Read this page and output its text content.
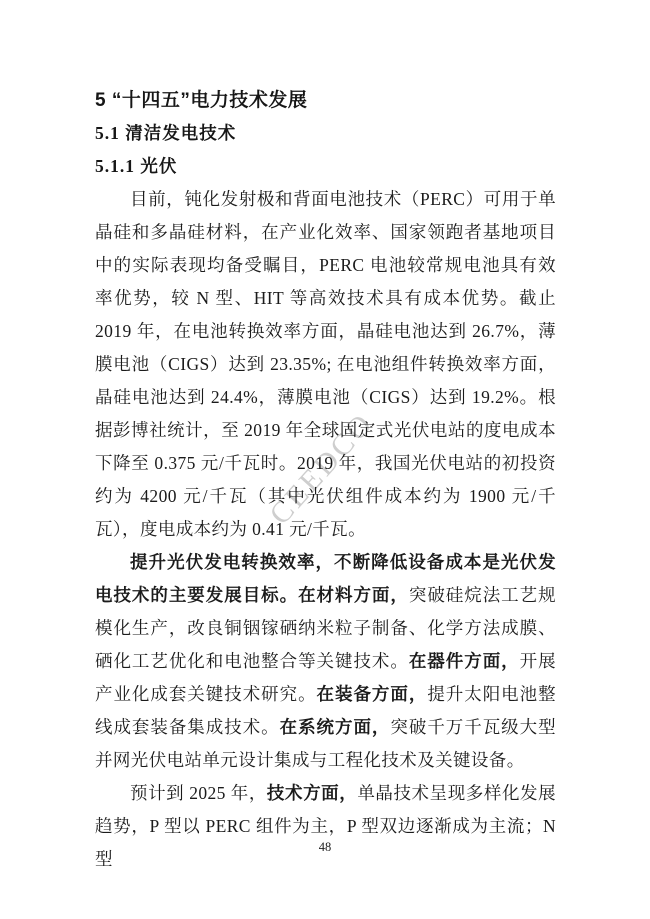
CEEDCO
5 “十四五”电力技术发展
5.1 清洁发电技术
5.1.1 光伏

目前，钝化发射极和背面电池技术（PERC）可用于单晶硅和多晶硅材料，在产业化效率、国家领跑者基地项目中的实际表现均备受瞩目，PERC 电池较常规电池具有效率优势，较 N 型、HIT 等高效技术具有成本优势。截止 2019 年，在电池转换效率方面，晶硅电池达到 26.7%，薄膜电池（CIGS）达到 23.35%; 在电池组件转换效率方面，晶硅电池达到 24.4%，薄膜电池（CIGS）达到 19.2%。根据彭博社统计，至 2019 年全球固定式光伏电站的度电成本下降至 0.375 元/千瓦时。2019 年，我国光伏电站的初投资约为 4200 元/千瓦（其中光伏组件成本约为 1900 元/千瓦），度电成本约为 0.41 元/千瓦。

提升光伏发电转换效率，不断降低设备成本是光伏发电技术的主要发展目标。在材料方面，突破硅烷法工艺规模化生产，改良铜铟镓硒纳米粒子制备、化学方法成膜、硒化工艺优化和电池整合等关键技术。在器件方面，开展产业化成套关键技术研究。在装备方面，提升太阳电池整线成套装备集成技术。在系统方面，突破千万千瓦级大型并网光伏电站单元设计集成与工程化技术及关键设备。

预计到 2025 年，技术方面，单晶技术呈现多样化发展趋势，P 型以 PERC 组件为主，P 型双边逐渐成为主流；N 型

48
